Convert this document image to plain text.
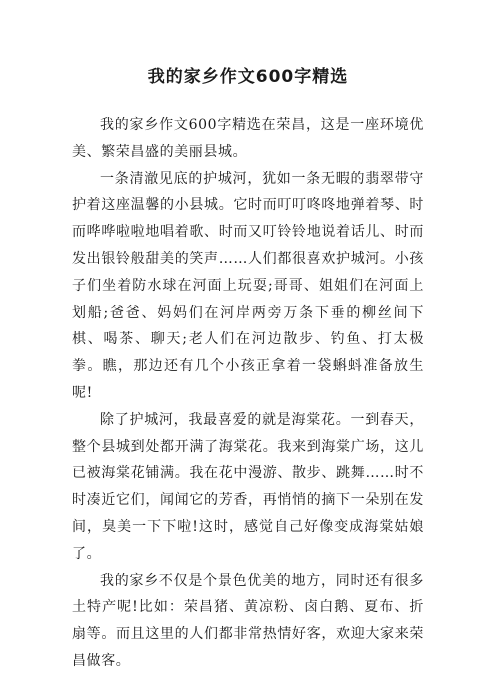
我的家乡作文600字精选

我的家乡作文600字精选在荣昌，这是一座环境优美、繁荣昌盛的美丽县城。

一条清澈见底的护城河，犹如一条无暇的翡翠带守护着这座温馨的小县城。它时而叮叮咚咚地弹着琴、时而哗哗啦啦地唱着歌、时而又叮铃铃地说着话儿、时而发出银铃般甜美的笑声……人们都很喜欢护城河。小孩子们坐着防水球在河面上玩耍;哥哥、姐姐们在河面上划船;爸爸、妈妈们在河岸两旁万条下垂的柳丝间下棋、喝茶、聊天;老人们在河边散步、钓鱼、打太极拳。瞧，那边还有几个小孩正拿着一袋蝌蚪准备放生呢!

除了护城河，我最喜爱的就是海棠花。一到春天，整个县城到处都开满了海棠花。我来到海棠广场，这儿已被海棠花铺满。我在花中漫游、散步、跳舞……时不时凑近它们，闻闻它的芳香，再悄悄的摘下一朵别在发间，臭美一下下啦!这时，感觉自己好像变成海棠姑娘了。

我的家乡不仅是个景色优美的地方，同时还有很多土特产呢!比如：荣昌猪、黄凉粉、卤白鹅、夏布、折扇等。而且这里的人们都非常热情好客，欢迎大家来荣昌做客。
